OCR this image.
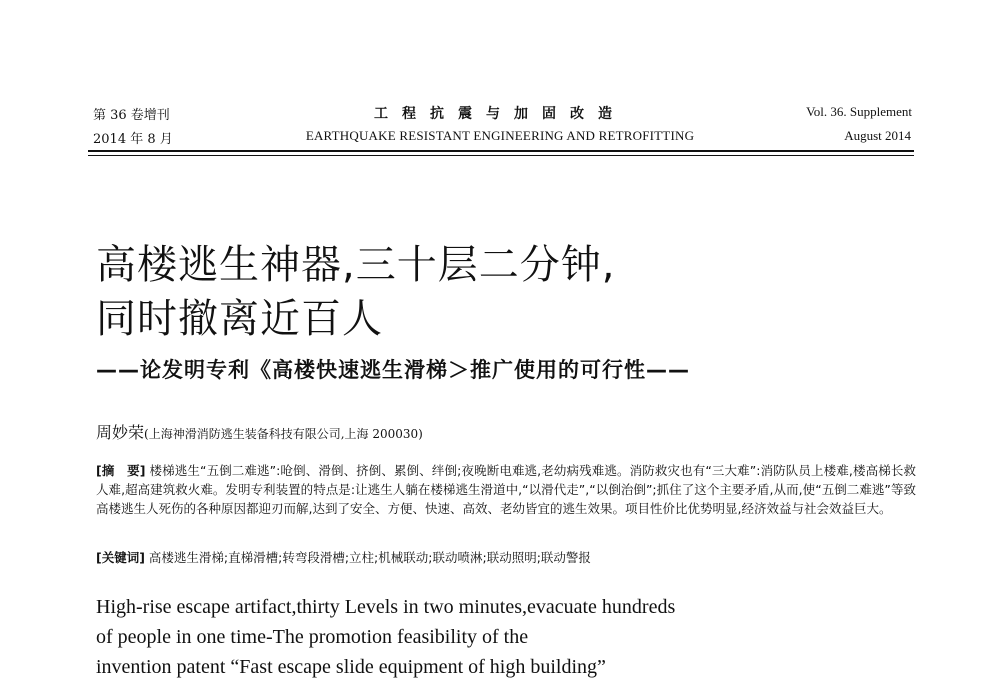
第 36 卷增刊
2014 年 8 月
工程抗震与加固改造
EARTHQUAKE RESISTANT ENGINEERING AND RETROFITTING
Vol. 36. Supplement
August 2014
高楼逃生神器,三十层二分钟,
同时撤离近百人
——论发明专利《高楼快速逃生滑梯＞推广使用的可行性——
周妙荣(上海神滑消防逃生装备科技有限公司,上海 200030)
[摘　要] 楼梯逃生“五倒二难逃”:呛倒、滑倒、挤倒、累倒、绊倒;夜晚断电难逃,老幼病残难逃。消防救灾也有“三大难”:消防队员上楼难,楼高梯长救人难,超高建筑救火难。发明专利装置的特点是:让逃生人躺在楼梯逃生滑道中,“以滑代走”,“以倒治倒”;抓住了这个主要矛盾,从而,使“五倒二难逃”等致高楼逃生人死伤的各种原因都迎刃而解,达到了安全、方便、快速、高效、老幼皆宜的逃生效果。项目性价比优势明显,经济效益与社会效益巨大。
[关键词] 高楼逃生滑梯;直梯滑槽;转弯段滑槽;立柱;机械联动;联动喷淋;联动照明;联动警报
High-rise escape artifact,thirty Levels in two minutes,evacuate hundreds
of people in one time-The promotion feasibility of the
invention patent “Fast escape slide equipment of high building”
